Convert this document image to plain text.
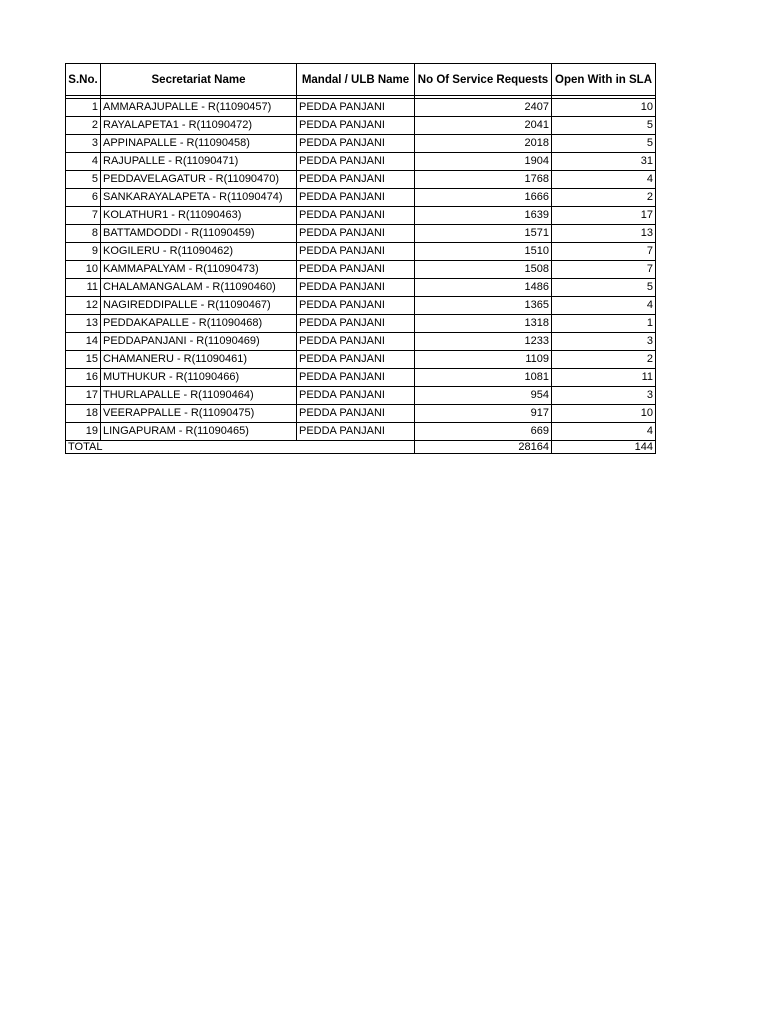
S.No.	Secretariat Name	Mandal / ULB Name	No Of Service Requests	Open With in SLA

1	AMMARAJUPALLE - R(11090457)	PEDDA PANJANI	2407	10
2	RAYALAPETA1 - R(11090472)	PEDDA PANJANI	2041	5
3	APPINAPALLE - R(11090458)	PEDDA PANJANI	2018	5
4	RAJUPALLE - R(11090471)	PEDDA PANJANI	1904	31
5	PEDDAVELAGATUR - R(11090470)	PEDDA PANJANI	1768	4
6	SANKARAYALAPETA - R(11090474)	PEDDA PANJANI	1666	2
7	KOLATHUR1 - R(11090463)	PEDDA PANJANI	1639	17
8	BATTAMDODDI - R(11090459)	PEDDA PANJANI	1571	13
9	KOGILERU - R(11090462)	PEDDA PANJANI	1510	7
10	KAMMAPALYAM - R(11090473)	PEDDA PANJANI	1508	7
11	CHALAMANGALAM - R(11090460)	PEDDA PANJANI	1486	5
12	NAGIREDDIPALLE - R(11090467)	PEDDA PANJANI	1365	4
13	PEDDAKAPALLE - R(11090468)	PEDDA PANJANI	1318	1
14	PEDDAPANJANI - R(11090469)	PEDDA PANJANI	1233	3
15	CHAMANERU - R(11090461)	PEDDA PANJANI	1109	2
16	MUTHUKUR - R(11090466)	PEDDA PANJANI	1081	11
17	THURLAPALLE - R(11090464)	PEDDA PANJANI	954	3
18	VEERAPPALLE - R(11090475)	PEDDA PANJANI	917	10
19	LINGAPURAM - R(11090465)	PEDDA PANJANI	669	4
TOTAL			28164	144
